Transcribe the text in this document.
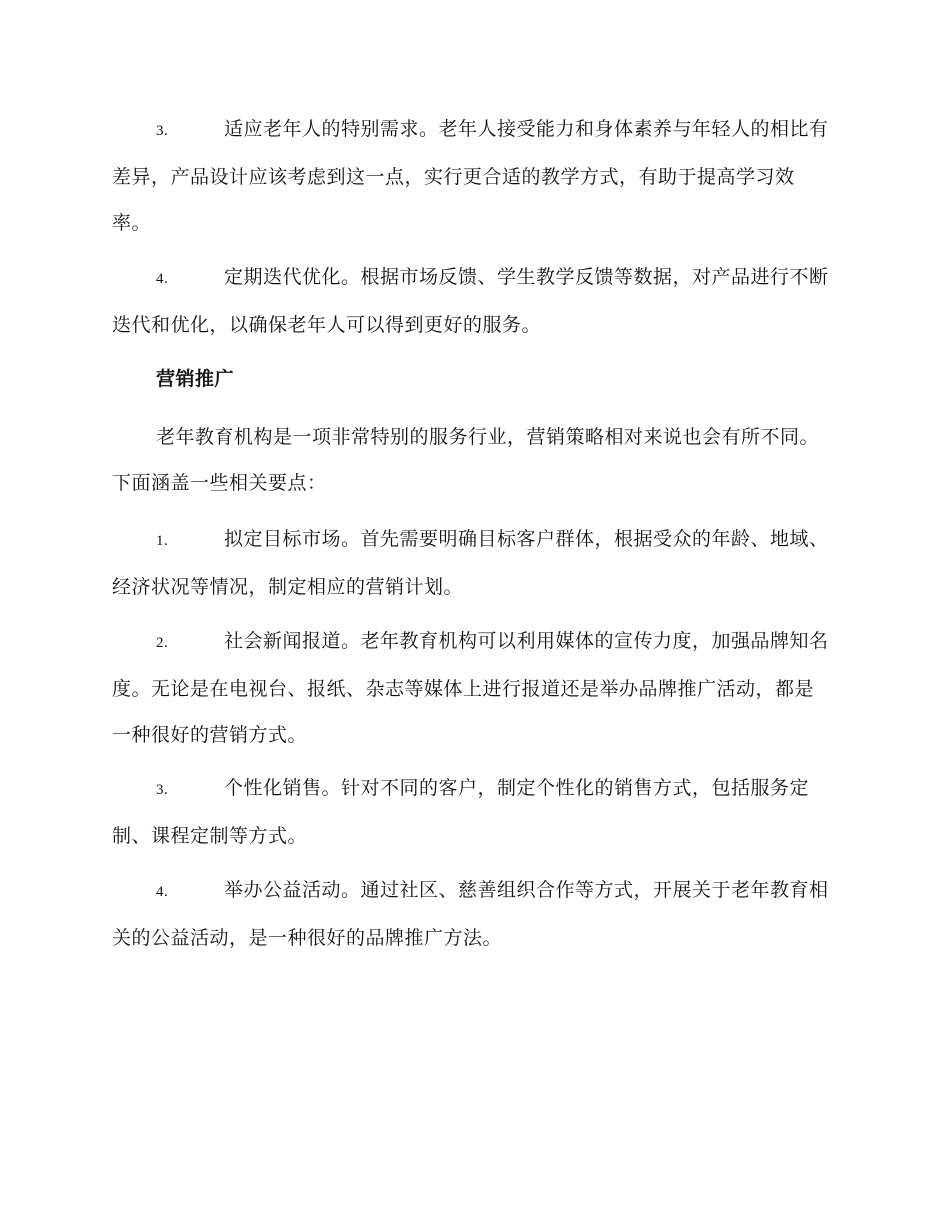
3.	适应老年人的特别需求。老年人接受能力和身体素养与年轻人的相比有差异，产品设计应该考虑到这一点，实行更合适的教学方式，有助于提高学习效率。

4.	定期迭代优化。根据市场反馈、学生教学反馈等数据，对产品进行不断迭代和优化，以确保老年人可以得到更好的服务。

营销推广

老年教育机构是一项非常特别的服务行业，营销策略相对来说也会有所不同。下面涵盖一些相关要点：

1.	拟定目标市场。首先需要明确目标客户群体，根据受众的年龄、地域、经济状况等情况，制定相应的营销计划。

2.	社会新闻报道。老年教育机构可以利用媒体的宣传力度，加强品牌知名度。无论是在电视台、报纸、杂志等媒体上进行报道还是举办品牌推广活动，都是一种很好的营销方式。

3.	个性化销售。针对不同的客户，制定个性化的销售方式，包括服务定制、课程定制等方式。

4.	举办公益活动。通过社区、慈善组织合作等方式，开展关于老年教育相关的公益活动，是一种很好的品牌推广方法。
